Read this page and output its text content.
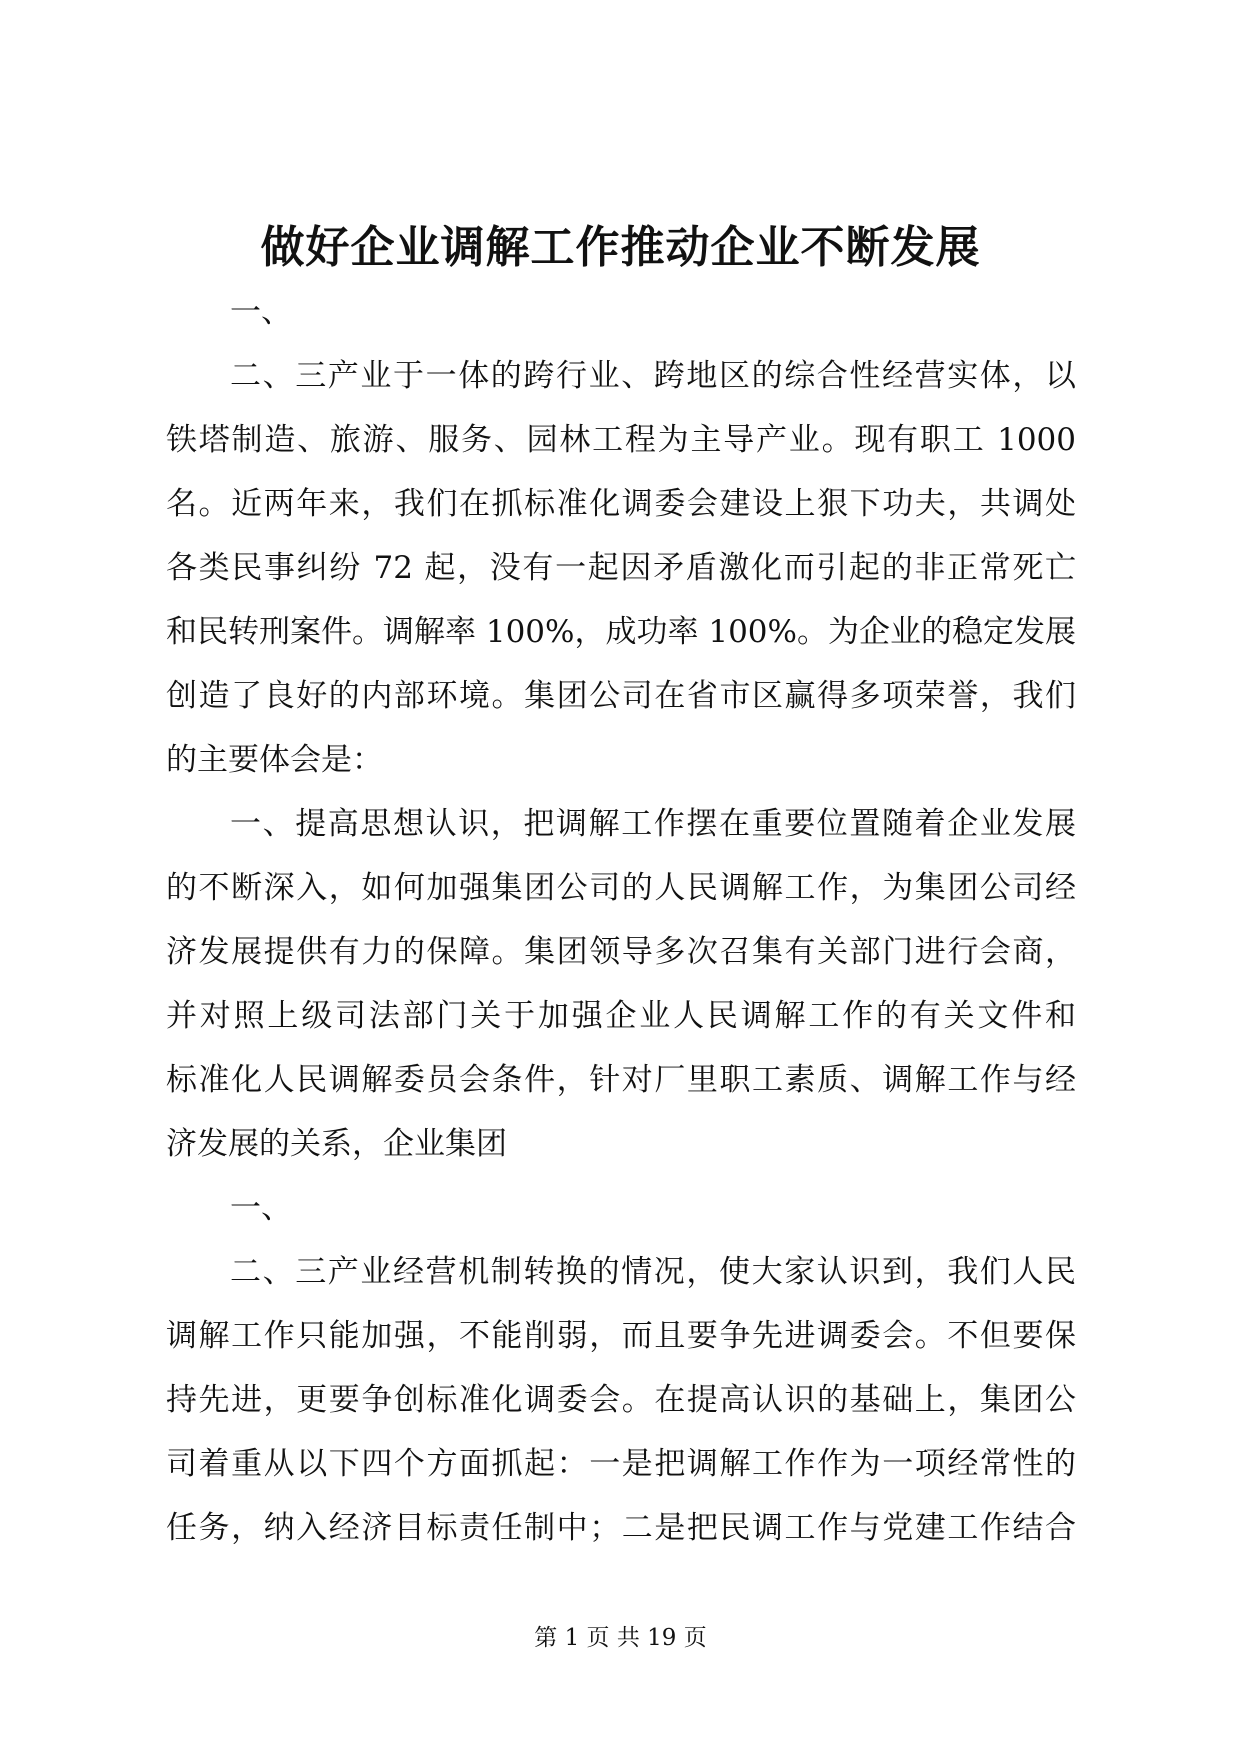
做好企业调解工作推动企业不断发展
一、
二、三产业于一体的跨行业、跨地区的综合性经营实体，以
铁塔制造、旅游、服务、园林工程为主导产业。现有职工 1000
名。近两年来，我们在抓标准化调委会建设上狠下功夫，共调处
各类民事纠纷 72 起，没有一起因矛盾激化而引起的非正常死亡
和民转刑案件。调解率 100%，成功率 100%。为企业的稳定发展
创造了良好的内部环境。集团公司在省市区赢得多项荣誉，我们
的主要体会是：
一、提高思想认识，把调解工作摆在重要位置随着企业发展
的不断深入，如何加强集团公司的人民调解工作，为集团公司经
济发展提供有力的保障。集团领导多次召集有关部门进行会商，
并对照上级司法部门关于加强企业人民调解工作的有关文件和
标准化人民调解委员会条件，针对厂里职工素质、调解工作与经
济发展的关系，企业集团
一、
二、三产业经营机制转换的情况，使大家认识到，我们人民
调解工作只能加强，不能削弱，而且要争先进调委会。不但要保
持先进，更要争创标准化调委会。在提高认识的基础上，集团公
司着重从以下四个方面抓起：一是把调解工作作为一项经常性的
任务，纳入经济目标责任制中；二是把民调工作与党建工作结合
第 1 页 共 19 页
